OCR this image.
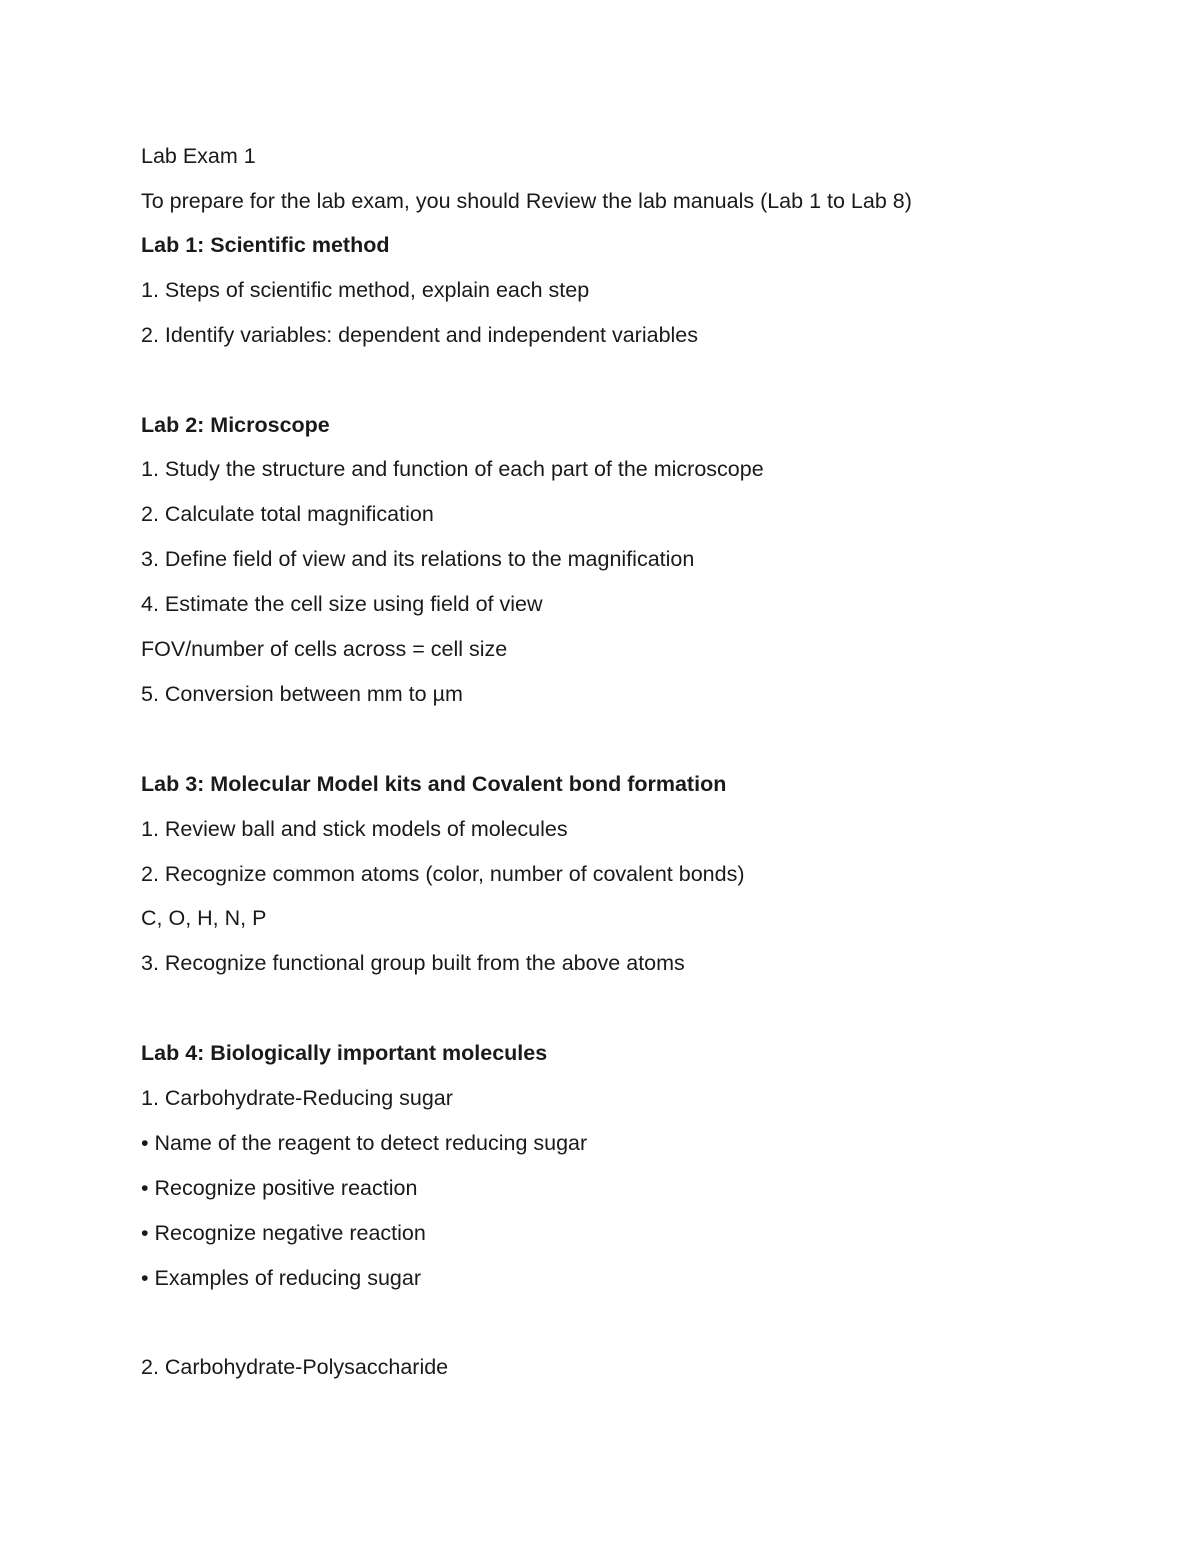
Lab Exam 1

To prepare for the lab exam, you should Review the lab manuals (Lab 1 to Lab 8)

Lab 1: Scientific method

1. Steps of scientific method, explain each step

2. Identify variables: dependent and independent variables

Lab 2: Microscope

1. Study the structure and function of each part of the microscope

2. Calculate total magnification

3. Define field of view and its relations to the magnification

4. Estimate the cell size using field of view

FOV/number of cells across = cell size

5. Conversion between mm to µm

Lab 3: Molecular Model kits and Covalent bond formation

1. Review ball and stick models of molecules

2. Recognize common atoms (color, number of covalent bonds)

C, O, H, N, P

3. Recognize functional group built from the above atoms

Lab 4: Biologically important molecules

1. Carbohydrate-Reducing sugar

• Name of the reagent to detect reducing sugar

• Recognize positive reaction

• Recognize negative reaction

• Examples of reducing sugar

2. Carbohydrate-Polysaccharide
